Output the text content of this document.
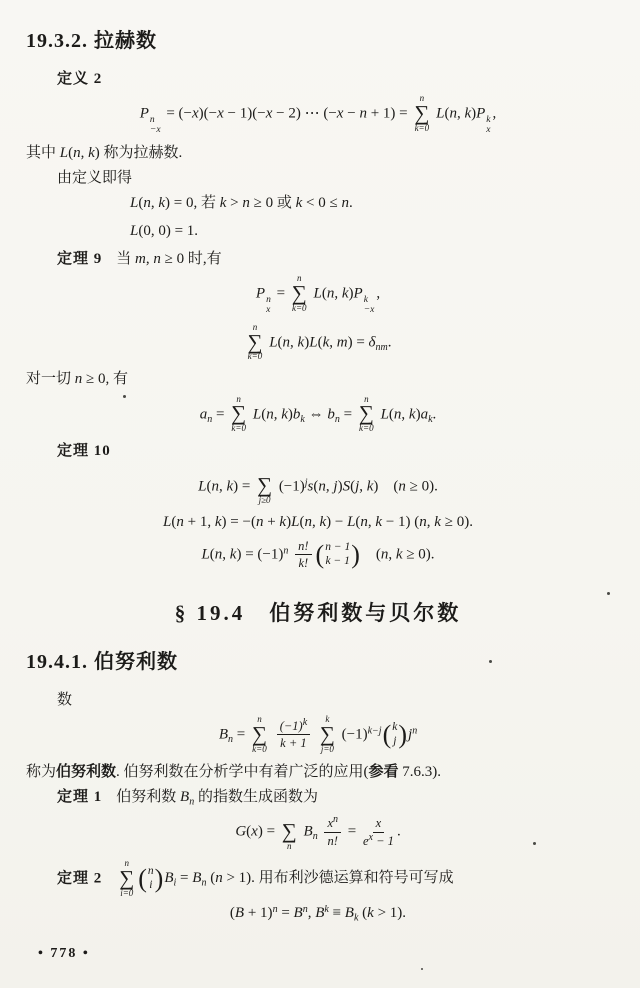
19.3.2. 拉赫数

定义 2

P n
−x
= (−x)(−x − 1)(−x − 2) ⋯ (−x − n + 1) =
n
∑
k=0
L(n, k)P k
x
,

其中 L(n, k) 称为拉赫数.

由定义即得

L(n, k) = 0, 若 k > n ≥ 0 或 k < 0 ≤ n.
L(0, 0) = 1.

定理 9 当 m, n ≥ 0 时,有

P n
x
=
n
∑
k=0
L(n, k)P k
−x
,
n
∑
k=0
L(n, k)L(k, $m) = \delta_{nm}$.

对一切 n ≥ 0, 有

$a_n$ =
n
∑
k=0
L(n, $k)b_k$ ⇔ $b_n$ =
n
∑
k=0
L(n, $k)a_k$.

定理 10

L(n, k) =
∑
j≥0
$(-1)^js(n$, j)S(j, k) (n ≥ 0).
L(n + 1, k) = −(n + k)L(n, k) − L(n, k − 1) (n, k ≥ 0).
L(n, $k) = (-1)^n \frac{n!}{k!}$ ( n − 1
k − 1 )  (n, k ≥ 0).
§ 19.4　伯努利数与贝尔数
19.4.1. 伯努利数

数

$B_n$ =
n
∑
k=0
$\frac{(-1)^k}{k + 1}$
k
∑
j=0
$(-1)^{k-j}$ ( k
j ) $j^n$

称为伯努利数. 伯努利数在分析学中有着广泛的应用(参看 7.6.3).

定理 1 伯努利数 $B_n$ 的指数生成函数为

G(x) =
∑
n
$B_n \frac{x^n}{n!} = \frac{x}{e^x - 1}$ .

定理 2
n
∑
i=0 ( n
i ) $B_i = B_n$ (n > 1). 用布利沙德运算和符号可写成

$(B + 1)^n = B^n$, $B^k \equiv B_k$ (k > 1).
• 778 •
